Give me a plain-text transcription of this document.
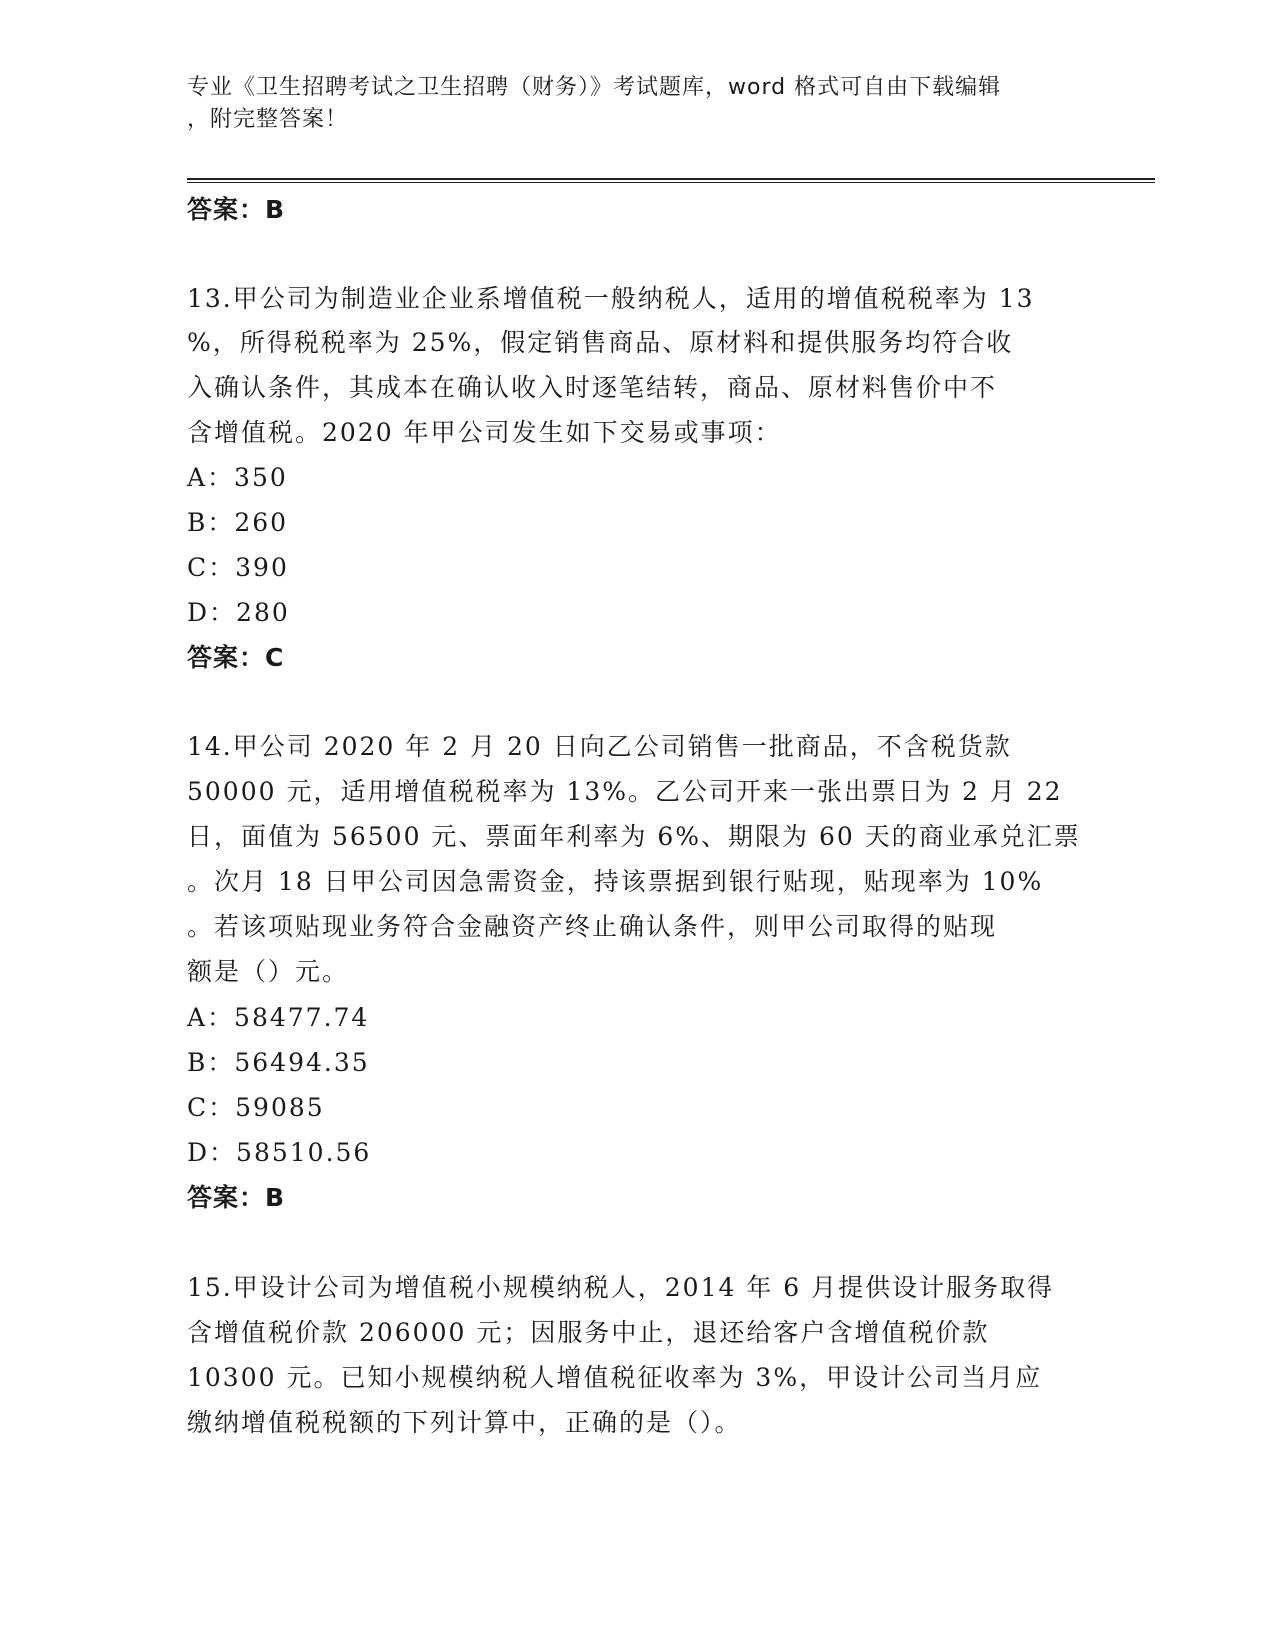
专业《卫生招聘考试之卫生招聘（财务）》考试题库，word 格式可自由下载编辑
，附完整答案！
答案：B
13.甲公司为制造业企业系增值税一般纳税人，适用的增值税税率为 13
%，所得税税率为 25%，假定销售商品、原材料和提供服务均符合收
入确认条件，其成本在确认收入时逐笔结转，商品、原材料售价中不
含增值税。2020 年甲公司发生如下交易或事项：
A：350
B：260
C：390
D：280
答案：C
14.甲公司 2020 年 2 月 20 日向乙公司销售一批商品，不含税货款
50000 元，适用增值税税率为 13%。乙公司开来一张出票日为 2 月 22
日，面值为 56500 元、票面年利率为 6%、期限为 60 天的商业承兑汇票
。次月 18 日甲公司因急需资金，持该票据到银行贴现，贴现率为 10%
。若该项贴现业务符合金融资产终止确认条件，则甲公司取得的贴现
额是（）元。
A：58477.74
B：56494.35
C：59085
D：58510.56
答案：B
15.甲设计公司为增值税小规模纳税人，2014 年 6 月提供设计服务取得
含增值税价款 206000 元；因服务中止，退还给客户含增值税价款
10300 元。已知小规模纳税人增值税征收率为 3%，甲设计公司当月应
缴纳增值税税额的下列计算中，正确的是（）。
